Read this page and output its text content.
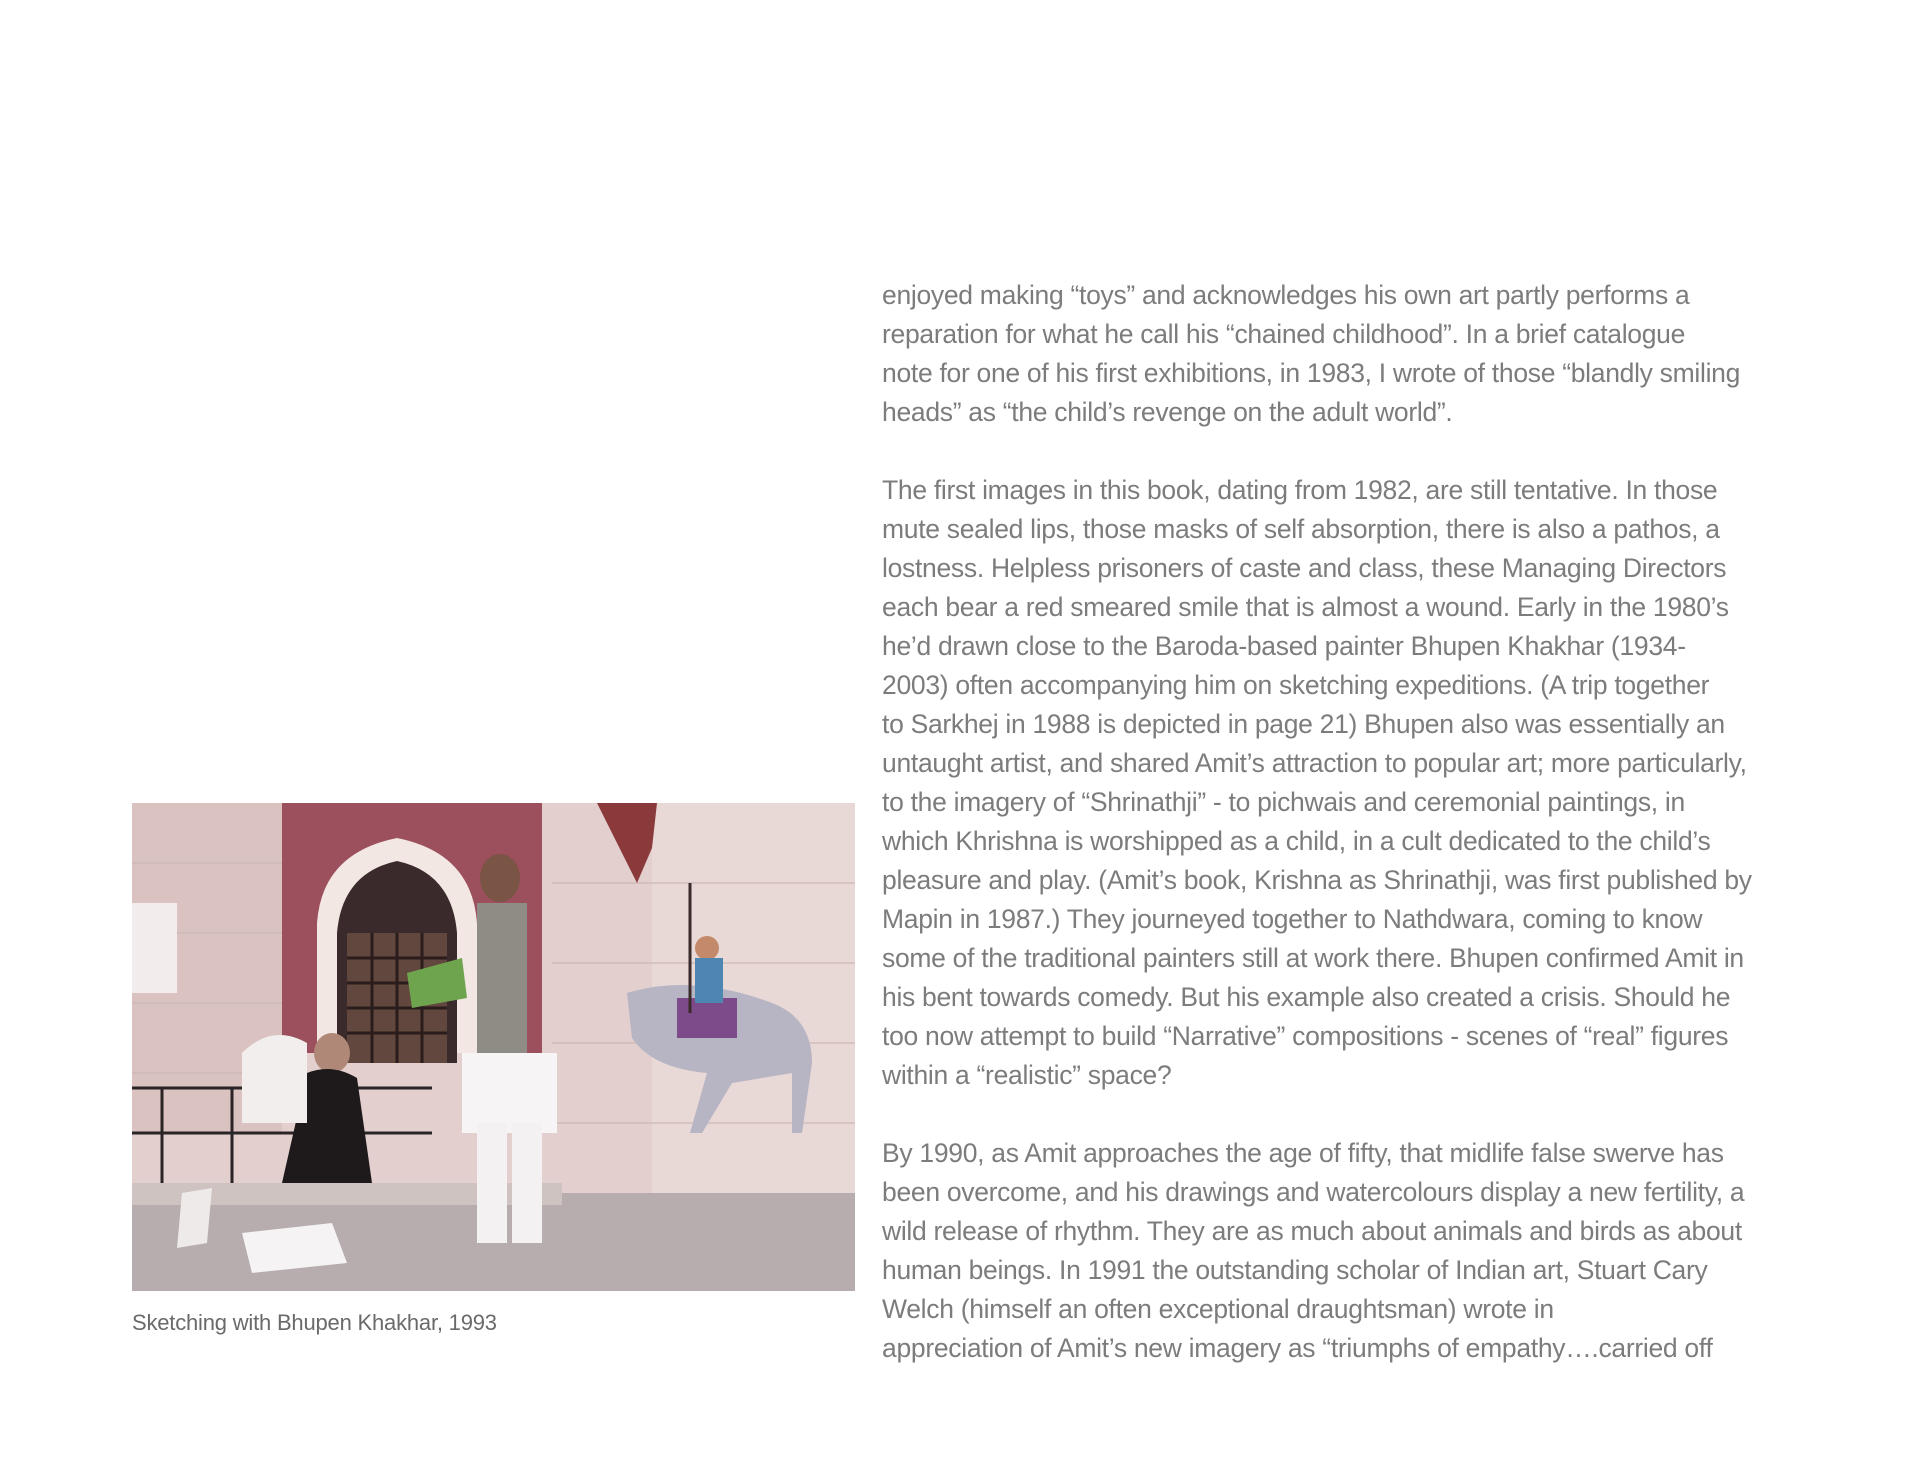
Sketching with Bhupen Khakhar, 1993
enjoyed making “toys” and acknowledges his own art partly performs a
reparation for what he call his “chained childhood”. In a brief catalogue
note for one of his first exhibitions, in 1983, I wrote of those “blandly smiling
heads” as “the child’s revenge on the adult world”.
The first images in this book, dating from 1982, are still tentative. In those
mute sealed lips, those masks of self absorption, there is also a pathos, a
lostness. Helpless prisoners of caste and class, these Managing Directors
each bear a red smeared smile that is almost a wound. Early in the 1980’s
he’d drawn close to the Baroda-based painter Bhupen Khakhar (1934-
2003) often accompanying him on sketching expeditions. (A trip together
to Sarkhej in 1988 is depicted in page 21) Bhupen also was essentially an
untaught artist, and shared Amit’s attraction to popular art; more particularly,
to the imagery of “Shrinathji” - to pichwais and ceremonial paintings, in
which Khrishna is worshipped as a child, in a cult dedicated to the child’s
pleasure and play. (Amit’s book, Krishna as Shrinathji, was first published by
Mapin in 1987.) They journeyed together to Nathdwara, coming to know
some of the traditional painters still at work there. Bhupen confirmed Amit in
his bent towards comedy. But his example also created a crisis. Should he
too now attempt to build “Narrative” compositions - scenes of “real” figures
within a “realistic” space?
By 1990, as Amit approaches the age of fifty, that midlife false swerve has
been overcome, and his drawings and watercolours display a new fertility, a
wild release of rhythm. They are as much about animals and birds as about
human beings. In 1991 the outstanding scholar of Indian art, Stuart Cary
Welch (himself an often exceptional draughtsman) wrote in
appreciation of Amit’s new imagery as “triumphs of empathy….carried off
